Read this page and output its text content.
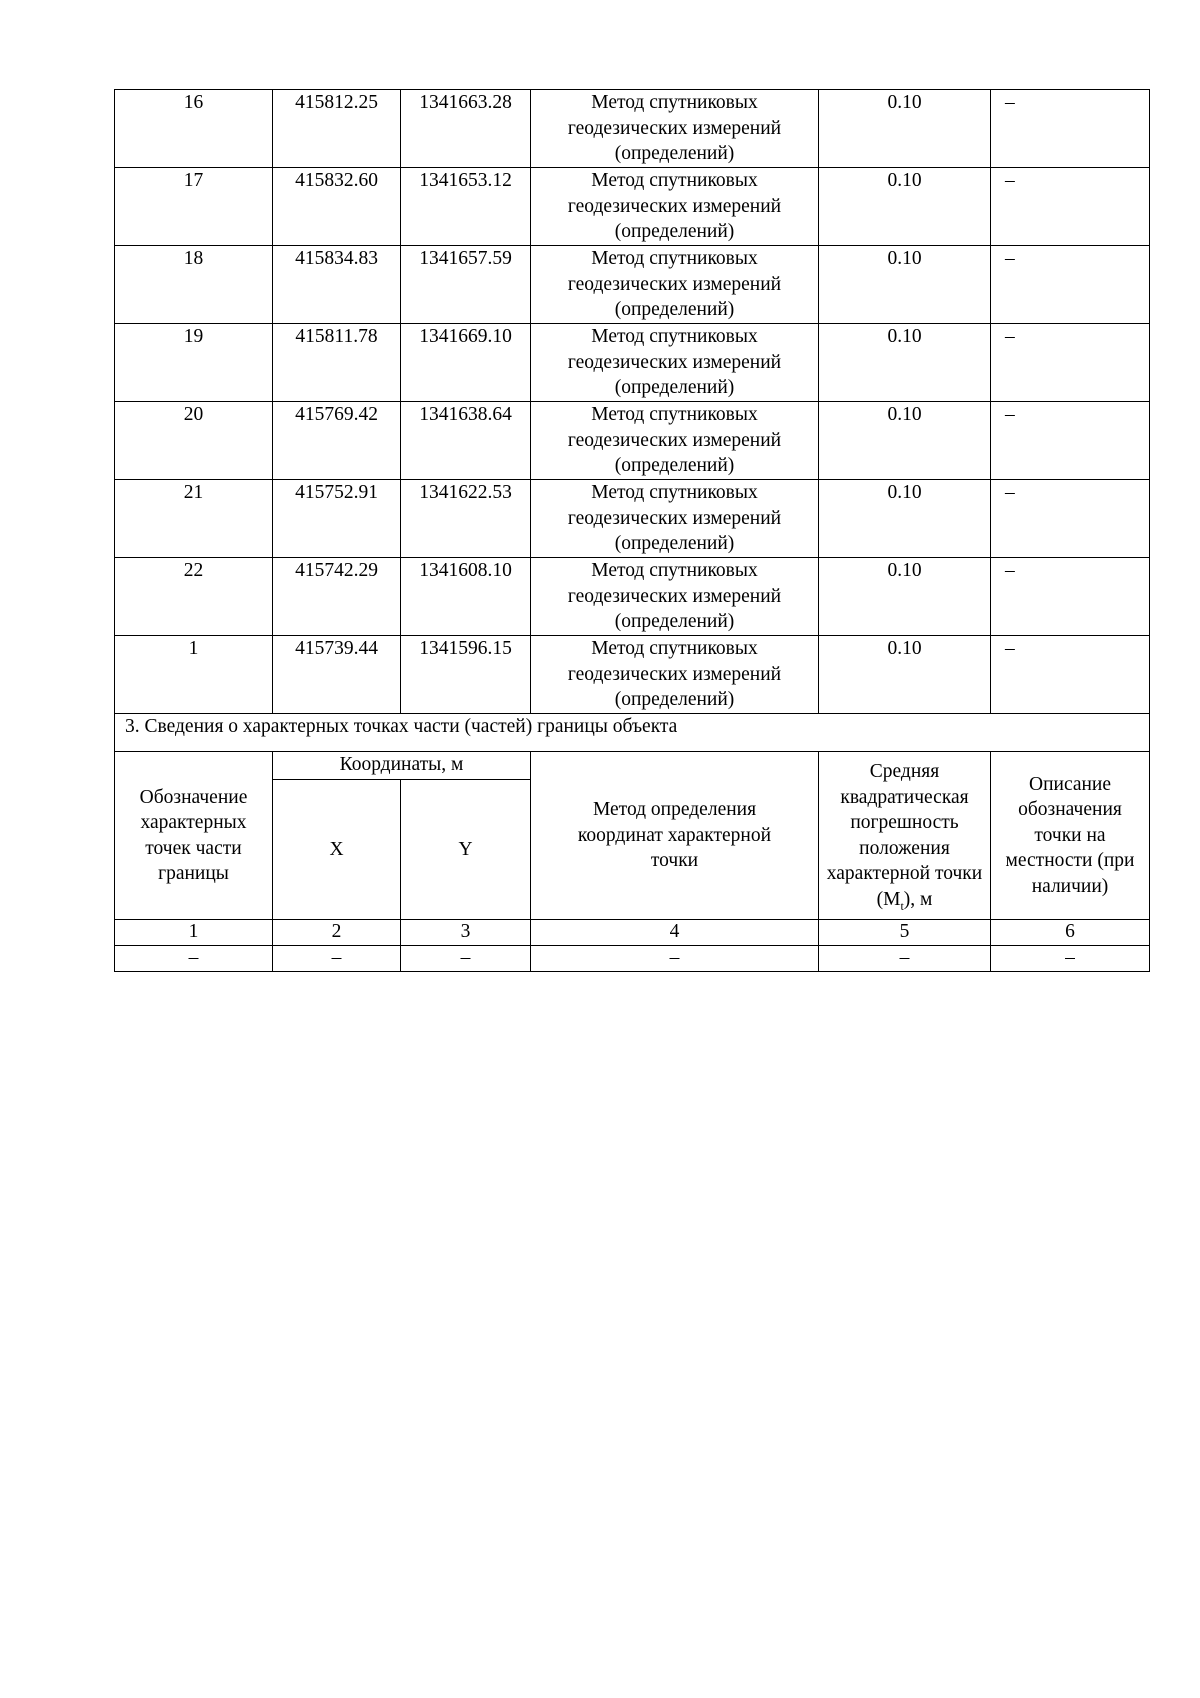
16	415812.25	1341663.28	Метод спутниковых геодезических измерений (определений)	0.10	–
17	415832.60	1341653.12	Метод спутниковых геодезических измерений (определений)	0.10	–
18	415834.83	1341657.59	Метод спутниковых геодезических измерений (определений)	0.10	–
19	415811.78	1341669.10	Метод спутниковых геодезических измерений (определений)	0.10	–
20	415769.42	1341638.64	Метод спутниковых геодезических измерений (определений)	0.10	–
21	415752.91	1341622.53	Метод спутниковых геодезических измерений (определений)	0.10	–
22	415742.29	1341608.10	Метод спутниковых геодезических измерений (определений)	0.10	–
1	415739.44	1341596.15	Метод спутниковых геодезических измерений (определений)	0.10	–
3. Сведения о характерных точках части (частей) границы объекта					

Обозначение характерных точек части границы	Координаты, м		Метод определения координат характерной точки	Средняя квадратическая погрешность положения характерной точки $(M_t)$, м	Описание обозначения точки на местности (при наличии)

	X	Y			
1	2	3	4	5	6
–	–	–	–	–	–
